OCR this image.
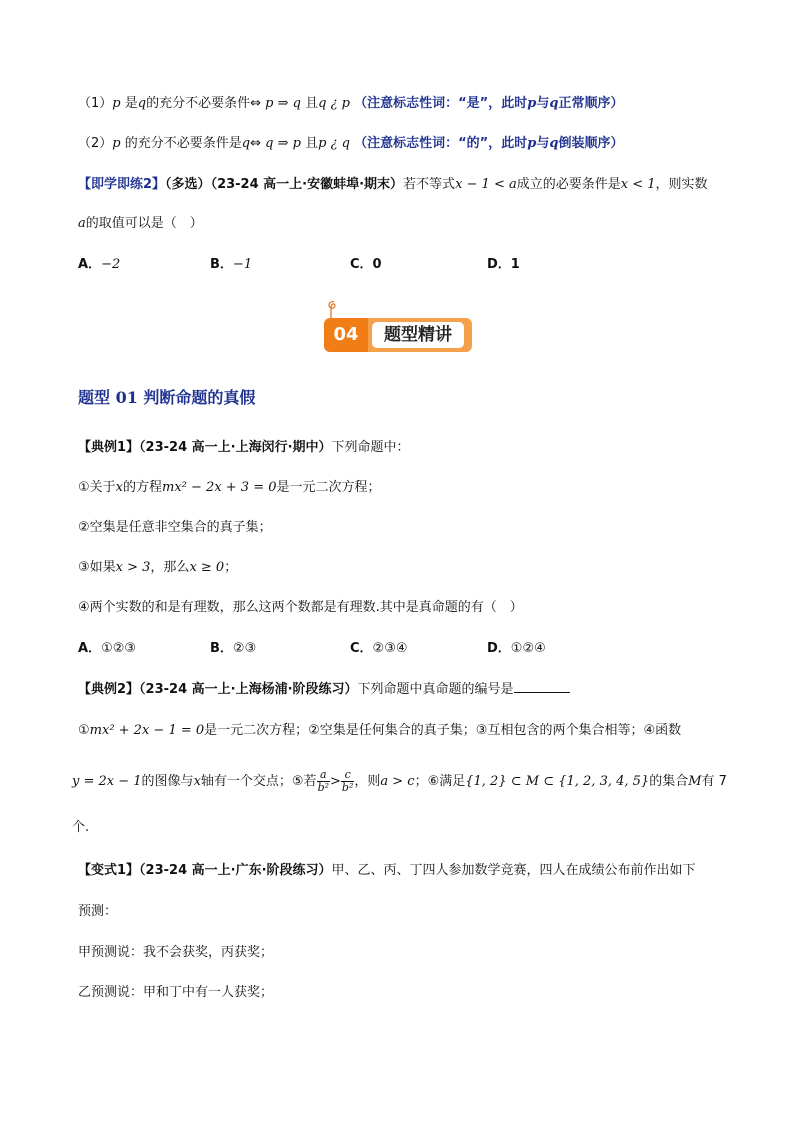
（1）p 是q的充分不必要条件⇔ p ⇒ q 且q ¿ p （注意标志性词：“是”，此时p与q正常顺序）
（2）p 的充分不必要条件是q⇔ q ⇒ p 且p ¿ q （注意标志性词：“的”，此时p与q倒装顺序）
【即学即练2】（多选）（23-24 高一上·安徽蚌埠·期末）若不等式x − 1 < a成立的必要条件是x < 1，则实数
a的取值可以是（　）
A．−2	B．−1	C．0	D．1
04	题型精讲
题型 01 判断命题的真假
【典例1】（23-24 高一上·上海闵行·期中）下列命题中：
①关于x的方程mx² − 2x + 3 = 0是一元二次方程；
②空集是任意非空集合的真子集；
③如果x > 3，那么x ≥ 0；
④两个实数的和是有理数，那么这两个数都是有理数.其中是真命题的有（　）
A．①②③	B．②③	C．②③④	D．①②④
【典例2】（23-24 高一上·上海杨浦·阶段练习）下列命题中真命题的编号是
①mx² + 2x − 1 = 0是一元二次方程；②空集是任何集合的真子集；③互相包含的两个集合相等；④函数
y = 2x − 1的图像与x轴有一个交点；⑤若 $\frac{a}{\text{b²}} > \frac{c}{\text{b²}}$ ，则a > c；⑥满足{1, 2} ⊂ M ⊂ {1, 2, 3, 4, 5}的集合M有 7
个.
【变式1】（23-24 高一上·广东·阶段练习）甲、乙、丙、丁四人参加数学竞赛，四人在成绩公布前作出如下
预测：
甲预测说：我不会获奖，丙获奖；
乙预测说：甲和丁中有一人获奖；
